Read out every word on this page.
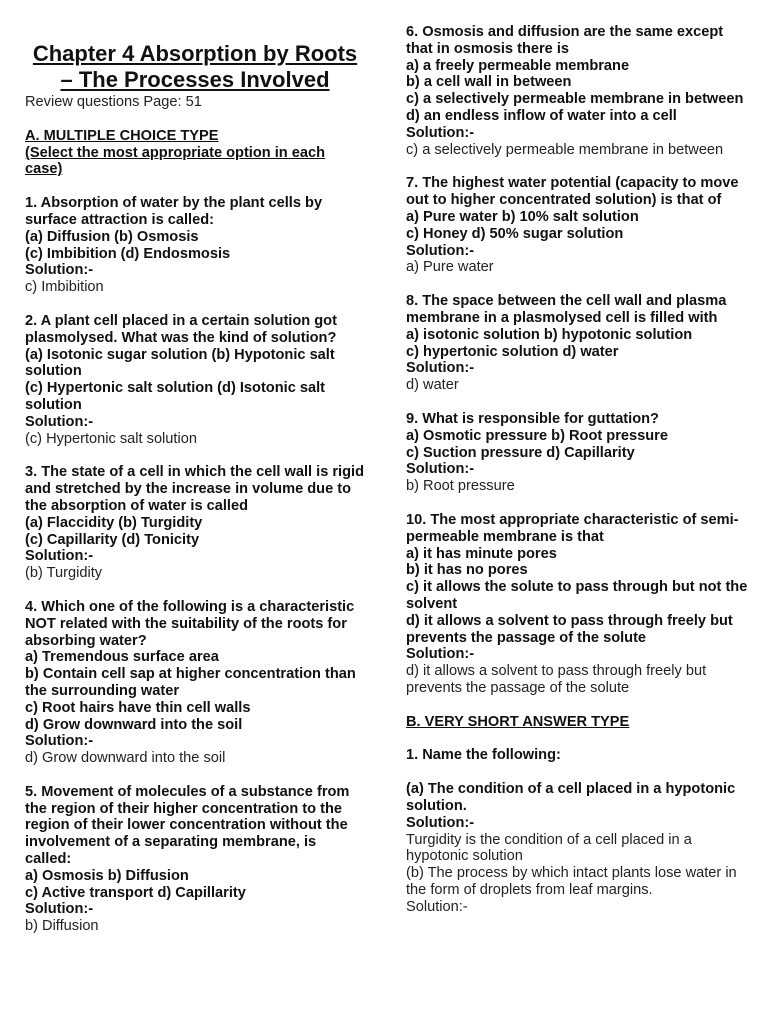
Chapter 4 Absorption by Roots – The Processes Involved

Review questions Page: 51

A. MULTIPLE CHOICE TYPE

(Select the most appropriate option in each case)

1. Absorption of water by the plant cells by surface attraction is called:

(a) Diffusion (b) Osmosis

(c) Imbibition (d) Endosmosis

Solution:-

c) Imbibition

2. A plant cell placed in a certain solution got plasmolysed. What was the kind of solution?

(a) Isotonic sugar solution (b) Hypotonic salt solution

(c) Hypertonic salt solution (d) Isotonic salt solution

Solution:-

(c) Hypertonic salt solution

3. The state of a cell in which the cell wall is rigid and stretched by the increase in volume due to the absorption of water is called

(a) Flaccidity (b) Turgidity

(c) Capillarity (d) Tonicity

Solution:-

(b) Turgidity

4. Which one of the following is a characteristic NOT related with the suitability of the roots for absorbing water?

a) Tremendous surface area

b) Contain cell sap at higher concentration than the surrounding water

c) Root hairs have thin cell walls

d) Grow downward into the soil

Solution:-

d) Grow downward into the soil

5. Movement of molecules of a substance from the region of their higher concentration to the region of their lower concentration without the involvement of a separating membrane, is called:

a) Osmosis b) Diffusion

c) Active transport d) Capillarity

Solution:-

b) Diffusion

6. Osmosis and diffusion are the same except that in osmosis there is

a) a freely permeable membrane

b) a cell wall in between

c) a selectively permeable membrane in between

d) an endless inflow of water into a cell

Solution:-

c) a selectively permeable membrane in between

7. The highest water potential (capacity to move out to higher concentrated solution) is that of

a) Pure water b) 10% salt solution

c) Honey d) 50% sugar solution

Solution:-

a) Pure water

8. The space between the cell wall and plasma membrane in a plasmolysed cell is filled with

a) isotonic solution b) hypotonic solution

c) hypertonic solution d) water

Solution:-

d) water

9. What is responsible for guttation?

a) Osmotic pressure b) Root pressure

c) Suction pressure d) Capillarity

Solution:-

b) Root pressure

10. The most appropriate characteristic of semi-permeable membrane is that

a) it has minute pores

b) it has no pores

c) it allows the solute to pass through but not the solvent

d) it allows a solvent to pass through freely but prevents the passage of the solute

Solution:-

d) it allows a solvent to pass through freely but prevents the passage of the solute

B. VERY SHORT ANSWER TYPE

1. Name the following:

(a) The condition of a cell placed in a hypotonic solution.

Solution:-

Turgidity is the condition of a cell placed in a hypotonic solution

(b) The process by which intact plants lose water in the form of droplets from leaf margins.

Solution:-
